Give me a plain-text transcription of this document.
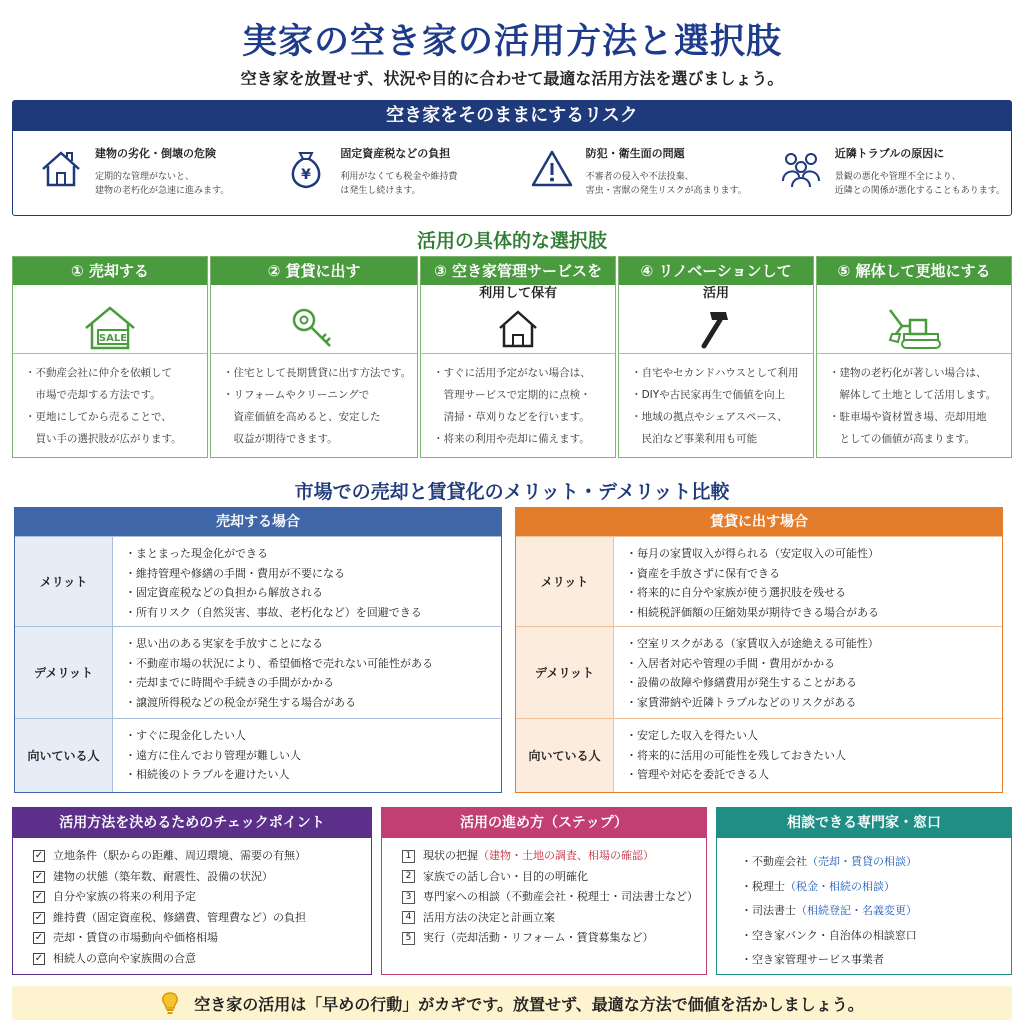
実家の空き家の活用方法と選択肢
空き家を放置せず、状況や目的に合わせて最適な活用方法を選びましょう。
空き家をそのままにするリスク
建物の劣化・倒壊の危険
定期的な管理がないと、
建物の老朽化が急速に進みます。
¥
固定資産税などの負担
利用がなくても税金や維持費
は発生し続けます。
防犯・衛生面の問題
不審者の侵入や不法投棄、
害虫・害獣の発生リスクが高まります。
近隣トラブルの原因に
景観の悪化や管理不全により、
近隣との関係が悪化することもあります。
活用の具体的な選択肢
① 売却する
SALE
・不動産会社に仲介を依頼して
　市場で売却する方法です。
・更地にしてから売ることで、
　買い手の選択肢が広がります。
② 賃貸に出す
・住宅として長期賃貸に出す方法です。
・リフォームやクリーニングで
　資産価値を高めると、安定した
　収益が期待できます。
③ 空き家管理サービスを
利用して保有
・すぐに活用予定がない場合は、
　管理サービスで定期的に点検・
　清掃・草刈りなどを行います。
・将来の利用や売却に備えます。
④ リノベーションして
活用
・自宅やセカンドハウスとして利用
・DIYや古民家再生で価値を向上
・地域の拠点やシェアスペース、
　民泊など事業利用も可能
⑤ 解体して更地にする
・建物の老朽化が著しい場合は、
　解体して土地として活用します。
・駐車場や資材置き場、売却用地
　としての価値が高まります。
市場での売却と賃貸化のメリット・デメリット比較
売却する場合
メリット
・まとまった現金化ができる
・維持管理や修繕の手間・費用が不要になる
・固定資産税などの負担から解放される
・所有リスク（自然災害、事故、老朽化など）を回避できる
デメリット
・思い出のある実家を手放すことになる
・不動産市場の状況により、希望価格で売れない可能性がある
・売却までに時間や手続きの手間がかかる
・譲渡所得税などの税金が発生する場合がある
向いている人
・すぐに現金化したい人
・遠方に住んでおり管理が難しい人
・相続後のトラブルを避けたい人
賃貸に出す場合
メリット
・毎月の家賃収入が得られる（安定収入の可能性）
・資産を手放さずに保有できる
・将来的に自分や家族が使う選択肢を残せる
・相続税評価額の圧縮効果が期待できる場合がある
デメリット
・空室リスクがある（家賃収入が途絶える可能性）
・入居者対応や管理の手間・費用がかかる
・設備の故障や修繕費用が発生することがある
・家賃滞納や近隣トラブルなどのリスクがある
向いている人
・安定した収入を得たい人
・将来的に活用の可能性を残しておきたい人
・管理や対応を委託できる人
活用方法を決めるためのチェックポイント
✓ 立地条件（駅からの距離、周辺環境、需要の有無）
✓ 建物の状態（築年数、耐震性、設備の状況）
✓ 自分や家族の将来の利用予定
✓ 維持費（固定資産税、修繕費、管理費など）の負担
✓ 売却・賃貸の市場動向や価格相場
✓ 相続人の意向や家族間の合意
活用の進め方（ステップ）
1	現状の把握 （建物・土地の調査、相場の確認）
2	家族での話し合い・目的の明確化
3	専門家への相談（不動産会社・税理士・司法書士など）
4	活用方法の決定と計画立案
5	実行（売却活動・リフォーム・賃貸募集など）
相談できる専門家・窓口
・不動産会社 （売却・賃貸の相談）
・税理士 （税金・相続の相談）
・司法書士 （相続登記・名義変更）
・空き家バンク・自治体の相談窓口
・空き家管理サービス事業者
空き家の活用は「早めの行動」がカギです。放置せず、最適な方法で価値を活かしましょう。
